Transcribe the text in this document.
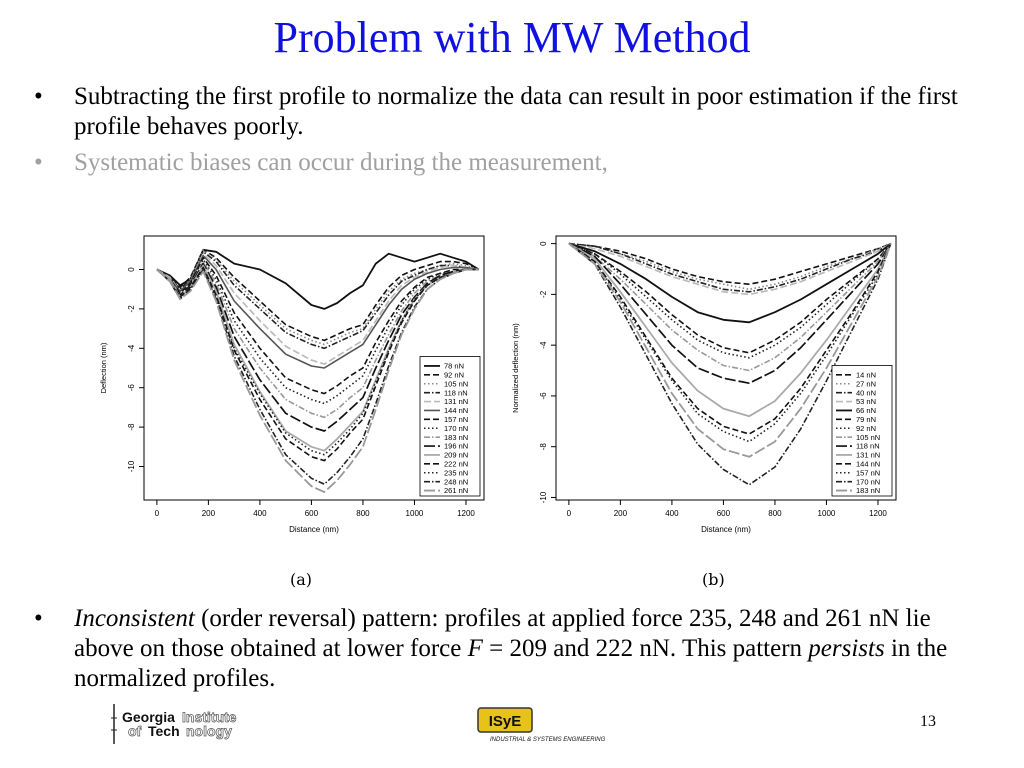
Problem with MW Method
• Subtracting the first profile to normalize the data can result in poor estimation if the first profile behaves poorly.
• Systematic biases can occur during the measurement,
0	200	400	600	800	1000	1200
0
-2
-4
-6
-8
-10
Distance (nm)
Deflection (nm)	78 nN
92 nN
105 nN
118 nN
131 nN
144 nN
157 nN
170 nN
183 nN
196 nN
209 nN
222 nN
235 nN
248 nN
261 nN
0	200	400	600	800	1000	1200
0
-2
-4
-6
-8
-10
Distance (nm)
Normalized deflection (nm)	14 nN
27 nN
40 nN
53 nN
66 nN
79 nN
92 nN
105 nN
118 nN
131 nN
144 nN
157 nN
170 nN
183 nN
(a)	(b)
• Inconsistent (order reversal) pattern: profiles at applied force 235, 248 and 261 nN lie above on those obtained at lower force F = 209 and 222 nN. This pattern persists in the normalized profiles.
Georgia Institute
of Tech nology
ISyE
INDUSTRIAL & SYSTEMS ENGINEERING
13
